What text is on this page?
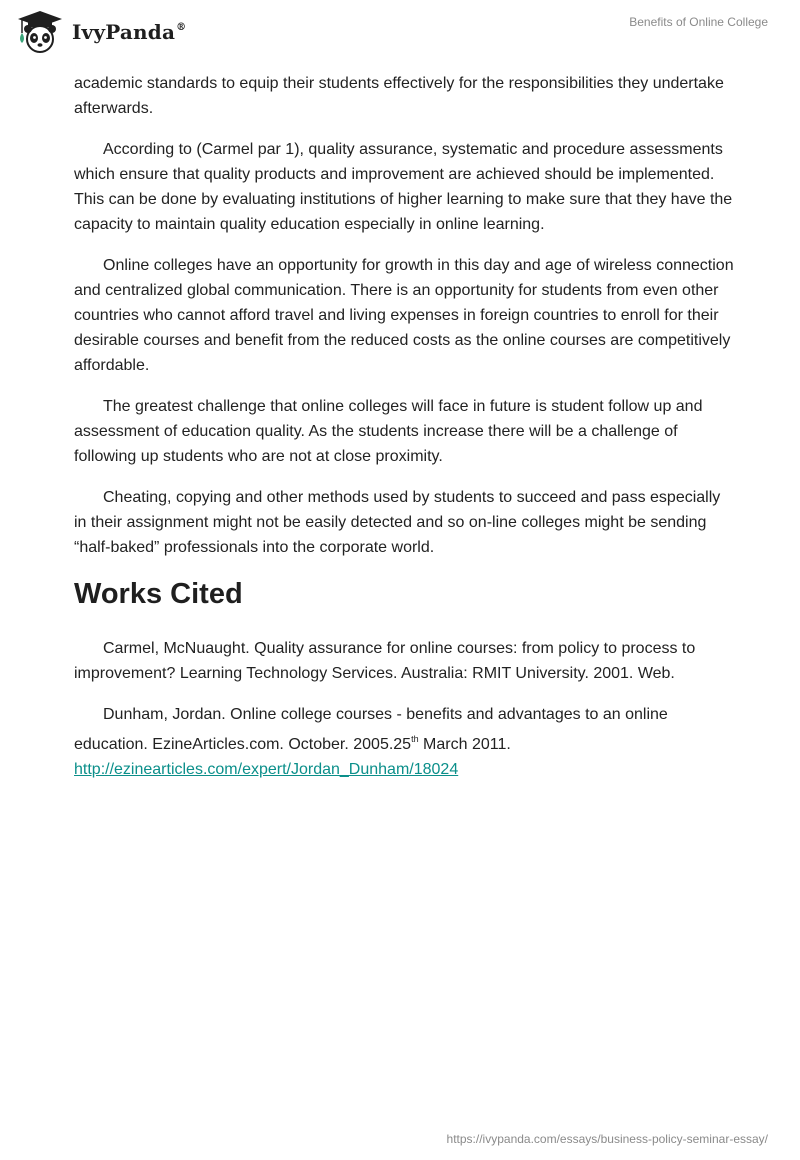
IvyPanda®	Benefits of Online College

academic standards to equip their students effectively for the responsibilities they undertake afterwards.

According to (Carmel par 1), quality assurance, systematic and procedure assessments which ensure that quality products and improvement are achieved should be implemented. This can be done by evaluating institutions of higher learning to make sure that they have the capacity to maintain quality education especially in online learning.

Online colleges have an opportunity for growth in this day and age of wireless connection and centralized global communication. There is an opportunity for students from even other countries who cannot afford travel and living expenses in foreign countries to enroll for their desirable courses and benefit from the reduced costs as the online courses are competitively affordable.

The greatest challenge that online colleges will face in future is student follow up and assessment of education quality. As the students increase there will be a challenge of following up students who are not at close proximity.

Cheating, copying and other methods used by students to succeed and pass especially in their assignment might not be easily detected and so on-line colleges might be sending “half-baked” professionals into the corporate world.

Works Cited

Carmel, McNuaught. Quality assurance for online courses: from policy to process to improvement? Learning Technology Services. Australia: RMIT University. 2001. Web.

Dunham, Jordan. Online college courses - benefits and advantages to an online education. EzineArticles.com. October. 2005.25th March 2011.
http://ezinearticles.com/expert/Jordan_Dunham/18024

https://ivypanda.com/essays/business-policy-seminar-essay/
